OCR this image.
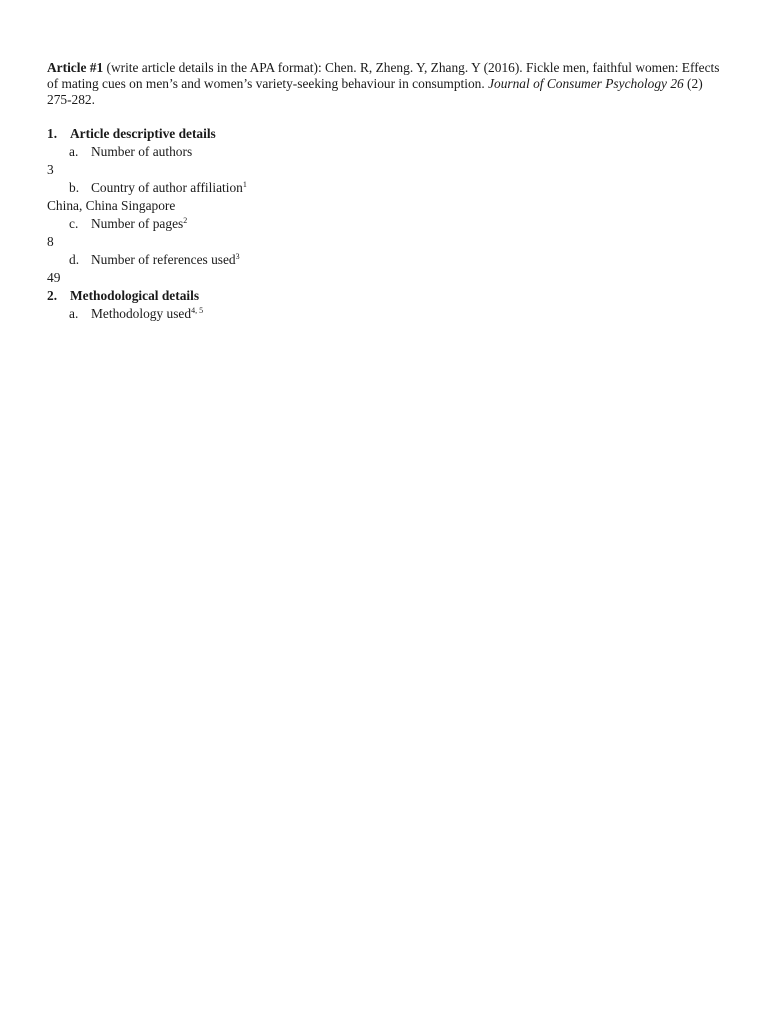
Article #1 (write article details in the APA format): Chen. R, Zheng. Y, Zhang. Y (2016). Fickle men, faithful women: Effects of mating cues on men’s and women’s variety-seeking behaviour in consumption. Journal of Consumer Psychology 26 (2) 275-282.

1. Article descriptive details
a. Number of authors
3
b. Country of author affiliation$^1$
China, China Singapore
c. Number of pages$^2$
8
d. Number of references used$^3$
49
2. Methodological details
a. Methodology used$^{4, 5}$
